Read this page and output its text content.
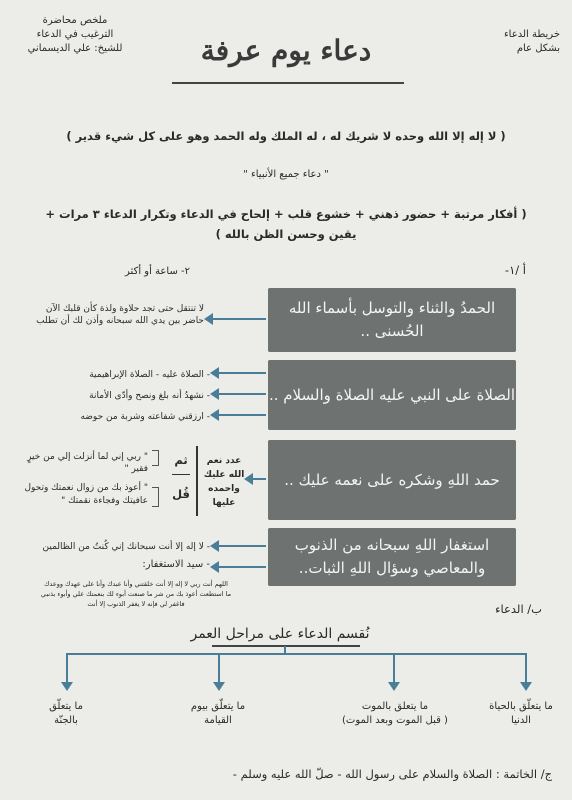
ملخص محاضرة
الترغيب في الدعاء
للشيخ: علي الديسماني
خريطة الدعاء
بشكل عام
دعاء يوم عرفة
( لا إله إلا الله وحده لا شريك له ، له الملك وله الحمد وهو على كل شيء قدير )
" دعاء جميع الأنبياء "
( أفكار مرتبة + حضور ذهني + خشوع قلب + إلحاح في الدعاء وتكرار الدعاء ٣ مرات +
يقين وحسن الظن بالله )
أ /١-
٢- ساعة أو أكثر
الحمدُ والثناء والتوسل بأسماء الله الحُسنى ..
لا تنتقل حتى تجد حلاوة ولذة كأن قلبك الآن
حاضر بين يدي الله سبحانه وأذن لك أن تطلب
الصلاة على النبي عليه الصلاة والسلام ..
- الصلاة عليه - الصلاة الإبراهيمية
- نشهدُ أنه بلغ ونصح وأدّى الأمانة
- ارزقني شفاعته وشربة من حوضه
حمد اللهِ وشكره على نعمه عليك ..
عدد نعم الله عليك واحمده عليها
ثم
قُل
" ربي إني لما أنزلت إلي من خيرٍ فقير "
" أعوذ بك من زوال نعمتك وتحول عافيتك وفجاءة نقمتك "
استغفار اللهِ سبحانه من الذنوب والمعاصي وسؤال اللهِ الثبات..
- لا إله إلا أنت سبحانك إني كُنتُ من الظالمين
- سيد الاستغفار:
اللهم أنت ربي لا إله إلا أنت خلقتني وأنا عبدك وأنا على عهدك ووعدك
ما استطعت أعوذ بك من شر ما صنعت أبوء لك بنعمتك علي وأبوء بذنبي
فاغفر لي فإنه لا يغفر الذنوب إلا أنت	ب/ الدعاء
نُقسم الدعاء على مراحل العمر
ما يتعلّق بالحياة
الدنيا
ما يتعلق بالموت
( قبل الموت وبعد الموت)
ما يتعلّق بيوم
القيامة
ما يتعلّق
بالجنّة
ج/ الخاتمة : الصلاة والسلام على رسول الله - صلّ الله عليه وسلم -
